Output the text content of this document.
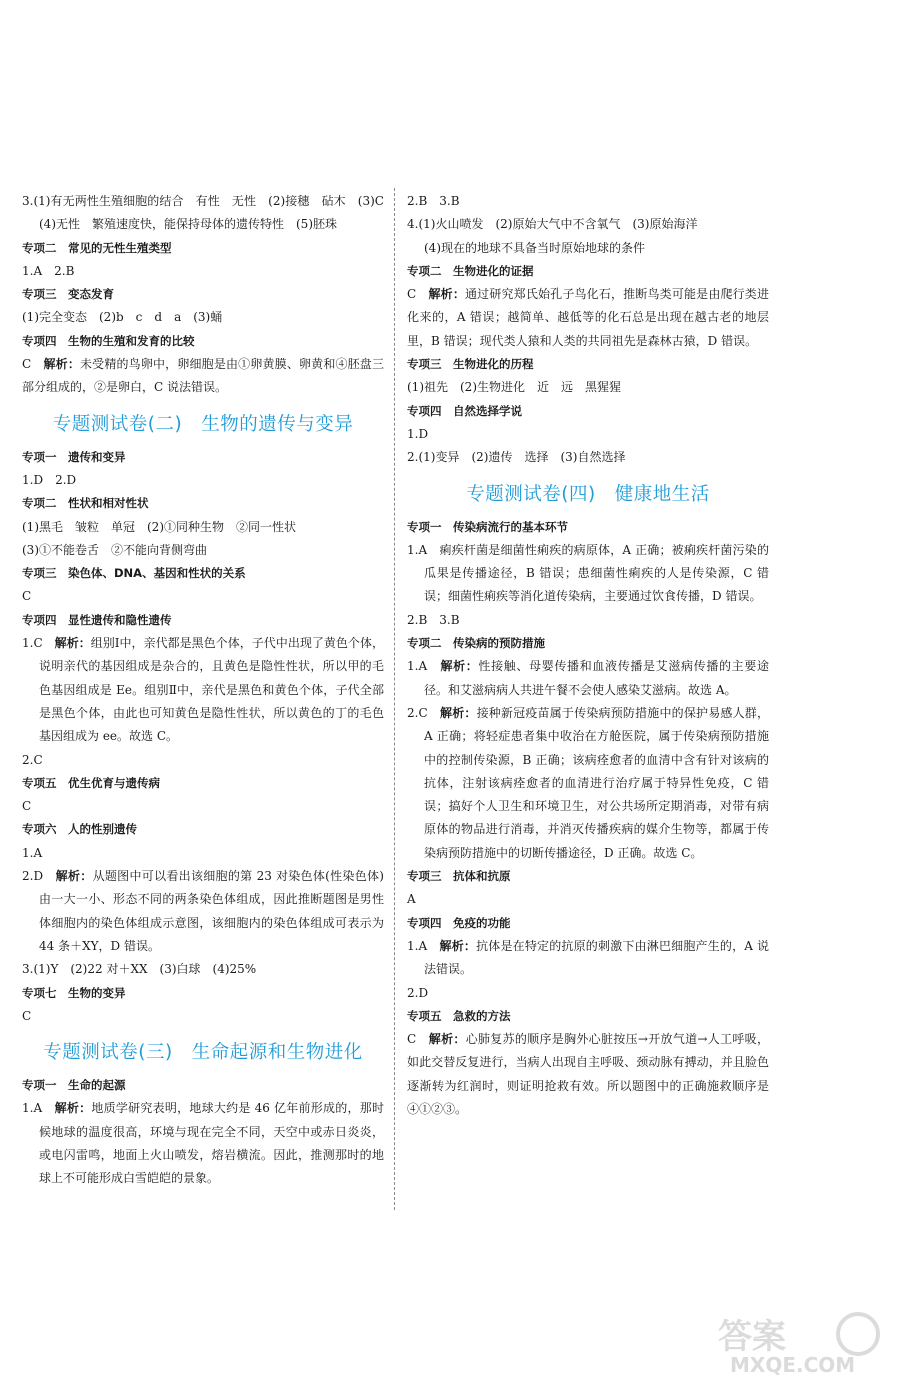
3.(1)有无两性生殖细胞的结合　有性　无性　(2)接穗　砧木　(3)C　(4)无性　繁殖速度快，能保持母体的遗传特性　(5)胚珠
专项二　常见的无性生殖类型
1.A　2.B
专项三　变态发育
(1)完全变态　(2)b　c　d　a　(3)蛹
专项四　生物的生殖和发育的比较
C　解析：未受精的鸟卵中，卵细胞是由①卵黄膜、卵黄和④胚盘三部分组成的，②是卵白，C 说法错误。
专题测试卷(二)　生物的遗传与变异
专项一　遗传和变异
1.D　2.D
专项二　性状和相对性状
(1)黑毛　皱粒　单冠　(2)①同种生物　②同一性状
(3)①不能卷舌　②不能向背侧弯曲
专项三　染色体、DNA、基因和性状的关系
C
专项四　显性遗传和隐性遗传
1.C　解析：组别Ⅰ中，亲代都是黑色个体，子代中出现了黄色个体，说明亲代的基因组成是杂合的，且黄色是隐性性状，所以甲的毛色基因组成是 Ee。组别Ⅱ中，亲代是黑色和黄色个体，子代全部是黑色个体，由此也可知黄色是隐性性状，所以黄色的丁的毛色基因组成为 ee。故选 C。
2.C
专项五　优生优育与遗传病
C
专项六　人的性别遗传
1.A
2.D　解析：从题图中可以看出该细胞的第 23 对染色体(性染色体)由一大一小、形态不同的两条染色体组成，因此推断题图是男性体细胞内的染色体组成示意图，该细胞内的染色体组成可表示为 44 条＋XY，D 错误。
3.(1)Y　(2)22 对＋XX　(3)白球　(4)25%
专项七　生物的变异
C
专题测试卷(三)　生命起源和生物进化
专项一　生命的起源
1.A　解析：地质学研究表明，地球大约是 46 亿年前形成的，那时候地球的温度很高，环境与现在完全不同，天空中或赤日炎炎，或电闪雷鸣，地面上火山喷发，熔岩横流。因此，推测那时的地球上不可能形成白雪皑皑的景象。
2.B　3.B
4.(1)火山喷发　(2)原始大气中不含氧气　(3)原始海洋
(4)现在的地球不具备当时原始地球的条件
专项二　生物进化的证据
C　解析：通过研究郑氏始孔子鸟化石，推断鸟类可能是由爬行类进化来的，A 错误；越简单、越低等的化石总是出现在越古老的地层里，B 错误；现代类人猿和人类的共同祖先是森林古猿，D 错误。
专项三　生物进化的历程
(1)祖先　(2)生物进化　近　远　黑猩猩
专项四　自然选择学说
1.D
2.(1)变异　(2)遗传　选择　(3)自然选择
专题测试卷(四)　健康地生活
专项一　传染病流行的基本环节
1.A　痢疾杆菌是细菌性痢疾的病原体，A 正确；被痢疾杆菌污染的瓜果是传播途径，B 错误；患细菌性痢疾的人是传染源，C 错误；细菌性痢疾等消化道传染病，主要通过饮食传播，D 错误。
2.B　3.B
专项二　传染病的预防措施
1.A　解析：性接触、母婴传播和血液传播是艾滋病传播的主要途径。和艾滋病病人共进午餐不会使人感染艾滋病。故选 A。
2.C　解析：接种新冠疫苗属于传染病预防措施中的保护易感人群，A 正确；将轻症患者集中收治在方舱医院，属于传染病预防措施中的控制传染源，B 正确；该病痊愈者的血清中含有针对该病的抗体，注射该病痊愈者的血清进行治疗属于特异性免疫，C 错误；搞好个人卫生和环境卫生，对公共场所定期消毒，对带有病原体的物品进行消毒，并消灭传播疾病的媒介生物等，都属于传染病预防措施中的切断传播途径，D 正确。故选 C。
专项三　抗体和抗原
A
专项四　免疫的功能
1.A　解析：抗体是在特定的抗原的刺激下由淋巴细胞产生的，A 说法错误。
2.D
专项五　急救的方法
C　解析：心肺复苏的顺序是胸外心脏按压→开放气道→人工呼吸，如此交替反复进行，当病人出现自主呼吸、颈动脉有搏动，并且脸色逐渐转为红润时，则证明抢救有效。所以题图中的正确施救顺序是④①②③。
答案
MXQE.COM
